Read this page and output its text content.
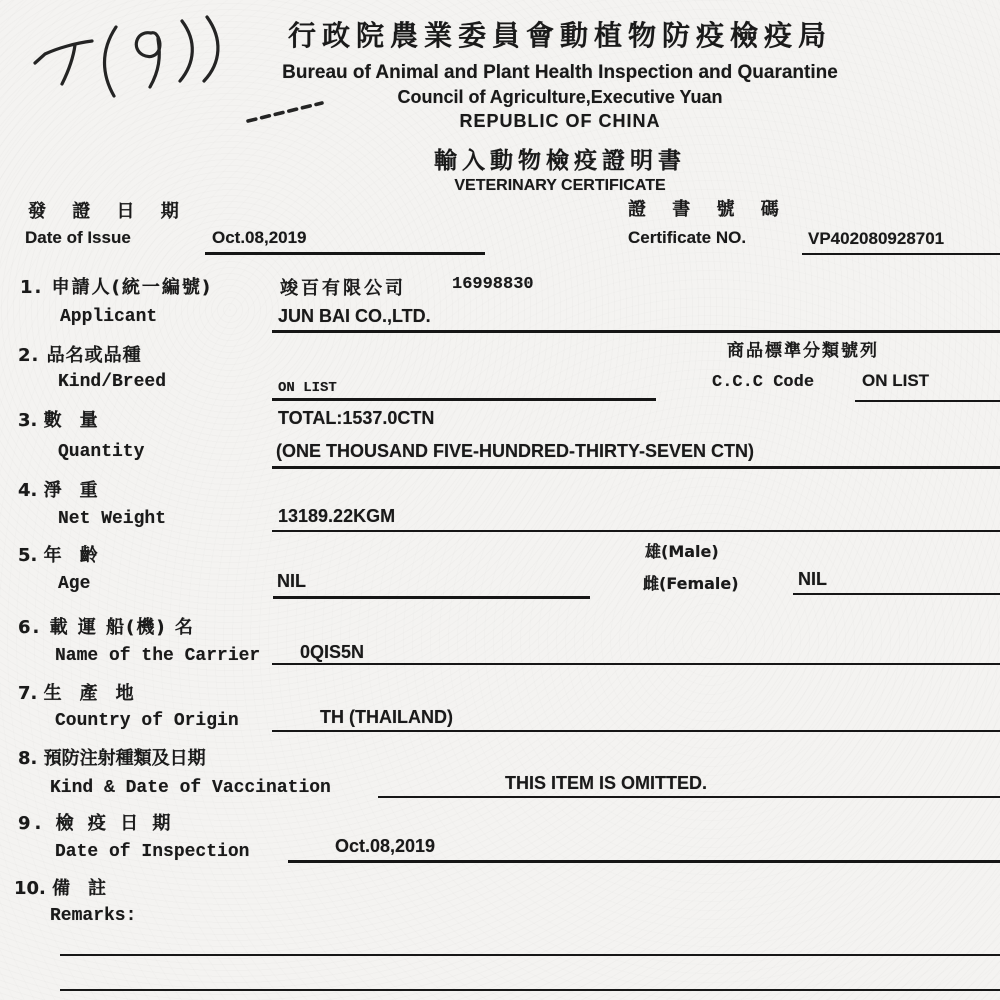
行政院農業委員會動植物防疫檢疫局
Bureau of Animal and Plant Health Inspection and Quarantine
Council of Agriculture,Executive Yuan
REPUBLIC OF CHINA
輸入動物檢疫證明書
VETERINARY CERTIFICATE
發 證 日 期
Date of Issue	Oct.08,2019
證 書 號 碼
Certificate NO.	VP402080928701
1. 申請人(統一編號)	竣百有限公司	16998830
Applicant	JUN BAI CO.,LTD.
2. 品名或品種	商品標準分類號列
Kind/Breed	ON LIST	C.C.C Code	ON LIST
3. 數　量	TOTAL:1537.0CTN
Quantity	(ONE THOUSAND FIVE-HUNDRED-THIRTY-SEVEN CTN)
4. 淨　重
Net Weight	13189.22KGM
5. 年　齡	雄(Male)
Age	NIL	雌(Female)	NIL
6. 載 運 船(機) 名
Name of the Carrier 0QIS5N
7. 生　產　地
Country of Origin	TH (THAILAND)
8. 預防注射種類及日期
Kind & Date of Vaccination	THIS ITEM IS OMITTED.
9. 檢 疫 日 期
Date of Inspection	Oct.08,2019
10. 備　註
Remarks:
